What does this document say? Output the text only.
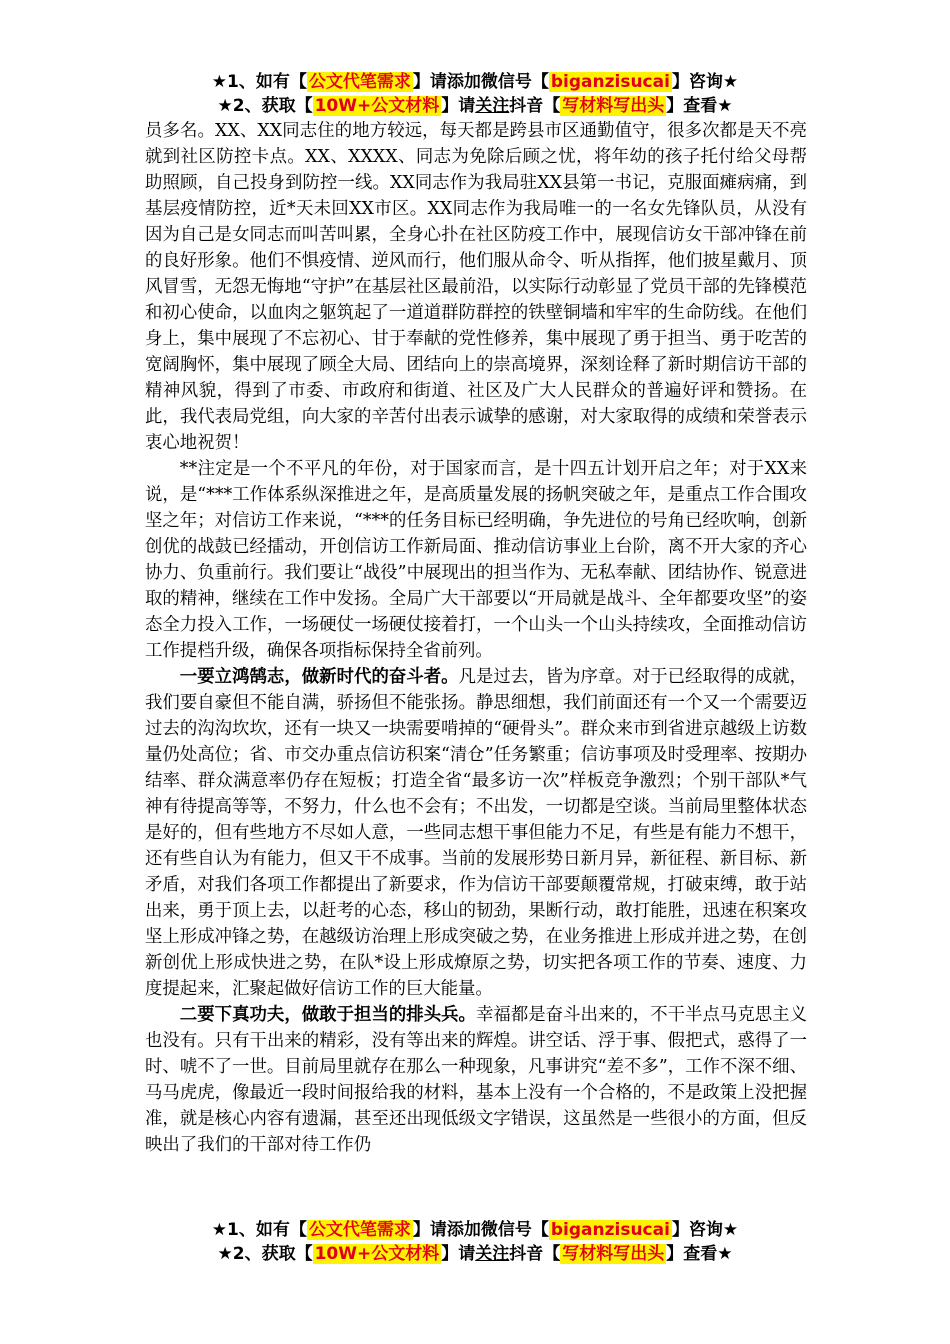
★1、如有【 公文代笔需求 】请添加微信号【 biganzisucai 】咨询★
★2、获取【 10W+公文材料 】请关注抖音【 写材料写出头 】查看★

员多名。XX、XX同志住的地方较远，每天都是跨县市区通勤值守，很多次都是天不亮就到社区防控卡点。XX、XXXX、同志为免除后顾之忧，将年幼的孩子托付给父母帮助照顾，自己投身到防控一线。XX同志作为我局驻XX县第一书记，克服面瘫病痛，到基层疫情防控，近*天未回XX市区。XX同志作为我局唯一的一名女先锋队员，从没有因为自己是女同志而叫苦叫累，全身心扑在社区防疫工作中，展现信访女干部冲锋在前的良好形象。他们不惧疫情、逆风而行，他们服从命令、听从指挥，他们披星戴月、顶风冒雪，无怨无悔地“守护”在基层社区最前沿，以实际行动彰显了党员干部的先锋模范和初心使命，以血肉之躯筑起了一道道群防群控的铁壁铜墙和牢牢的生命防线。在他们身上，集中展现了不忘初心、甘于奉献的党性修养，集中展现了勇于担当、勇于吃苦的宽阔胸怀，集中展现了顾全大局、团结向上的崇高境界，深刻诠释了新时期信访干部的精神风貌，得到了市委、市政府和街道、社区及广大人民群众的普遍好评和赞扬。在此，我代表局党组，向大家的辛苦付出表示诚挚的感谢，对大家取得的成绩和荣誉表示衷心地祝贺！

**注定是一个不平凡的年份，对于国家而言，是十四五计划开启之年；对于XX来说，是“***工作体系纵深推进之年，是高质量发展的扬帆突破之年，是重点工作合围攻坚之年；对信访工作来说，“***的任务目标已经明确，争先进位的号角已经吹响，创新创优的战鼓已经擂动，开创信访工作新局面、推动信访事业上台阶，离不开大家的齐心协力、负重前行。我们要让“战役”中展现出的担当作为、无私奉献、团结协作、锐意进取的精神，继续在工作中发扬。全局广大干部要以“开局就是战斗、全年都要攻坚”的姿态全力投入工作，一场硬仗一场硬仗接着打，一个山头一个山头持续攻，全面推动信访工作提档升级，确保各项指标保持全省前列。

一要立鸿鹄志，做新时代的奋斗者。凡是过去，皆为序章。对于已经取得的成就，我们要自豪但不能自满，骄扬但不能张扬。静思细想，我们前面还有一个又一个需要迈过去的沟沟坎坎，还有一块又一块需要啃掉的“硬骨头”。群众来市到省进京越级上访数量仍处高位；省、市交办重点信访积案“清仓”任务繁重；信访事项及时受理率、按期办结率、群众满意率仍存在短板；打造全省“最多访一次”样板竞争激烈；个别干部队*气神有待提高等等，不努力，什么也不会有；不出发，一切都是空谈。当前局里整体状态是好的，但有些地方不尽如人意，一些同志想干事但能力不足，有些是有能力不想干，还有些自认为有能力，但又干不成事。当前的发展形势日新月异，新征程、新目标、新矛盾，对我们各项工作都提出了新要求，作为信访干部要颠覆常规，打破束缚，敢于站出来，勇于顶上去，以赶考的心态，移山的韧劲，果断行动，敢打能胜，迅速在积案攻坚上形成冲锋之势，在越级访治理上形成突破之势，在业务推进上形成并进之势，在创新创优上形成快进之势，在队*设上形成燎原之势，切实把各项工作的节奏、速度、力度提起来，汇聚起做好信访工作的巨大能量。

二要下真功夫，做敢于担当的排头兵。幸福都是奋斗出来的，不干半点马克思主义也没有。只有干出来的精彩，没有等出来的辉煌。讲空话、浮于事、假把式，惑得了一时、唬不了一世。目前局里就存在那么一种现象，凡事讲究“差不多”，工作不深不细、马马虎虎，像最近一段时间报给我的材料，基本上没有一个合格的，不是政策上没把握准，就是核心内容有遗漏，甚至还出现低级文字错误，这虽然是一些很小的方面，但反映出了我们的干部对待工作仍

★1、如有【 公文代笔需求 】请添加微信号【 biganzisucai 】咨询★
★2、获取【 10W+公文材料 】请关注抖音【 写材料写出头 】查看★
